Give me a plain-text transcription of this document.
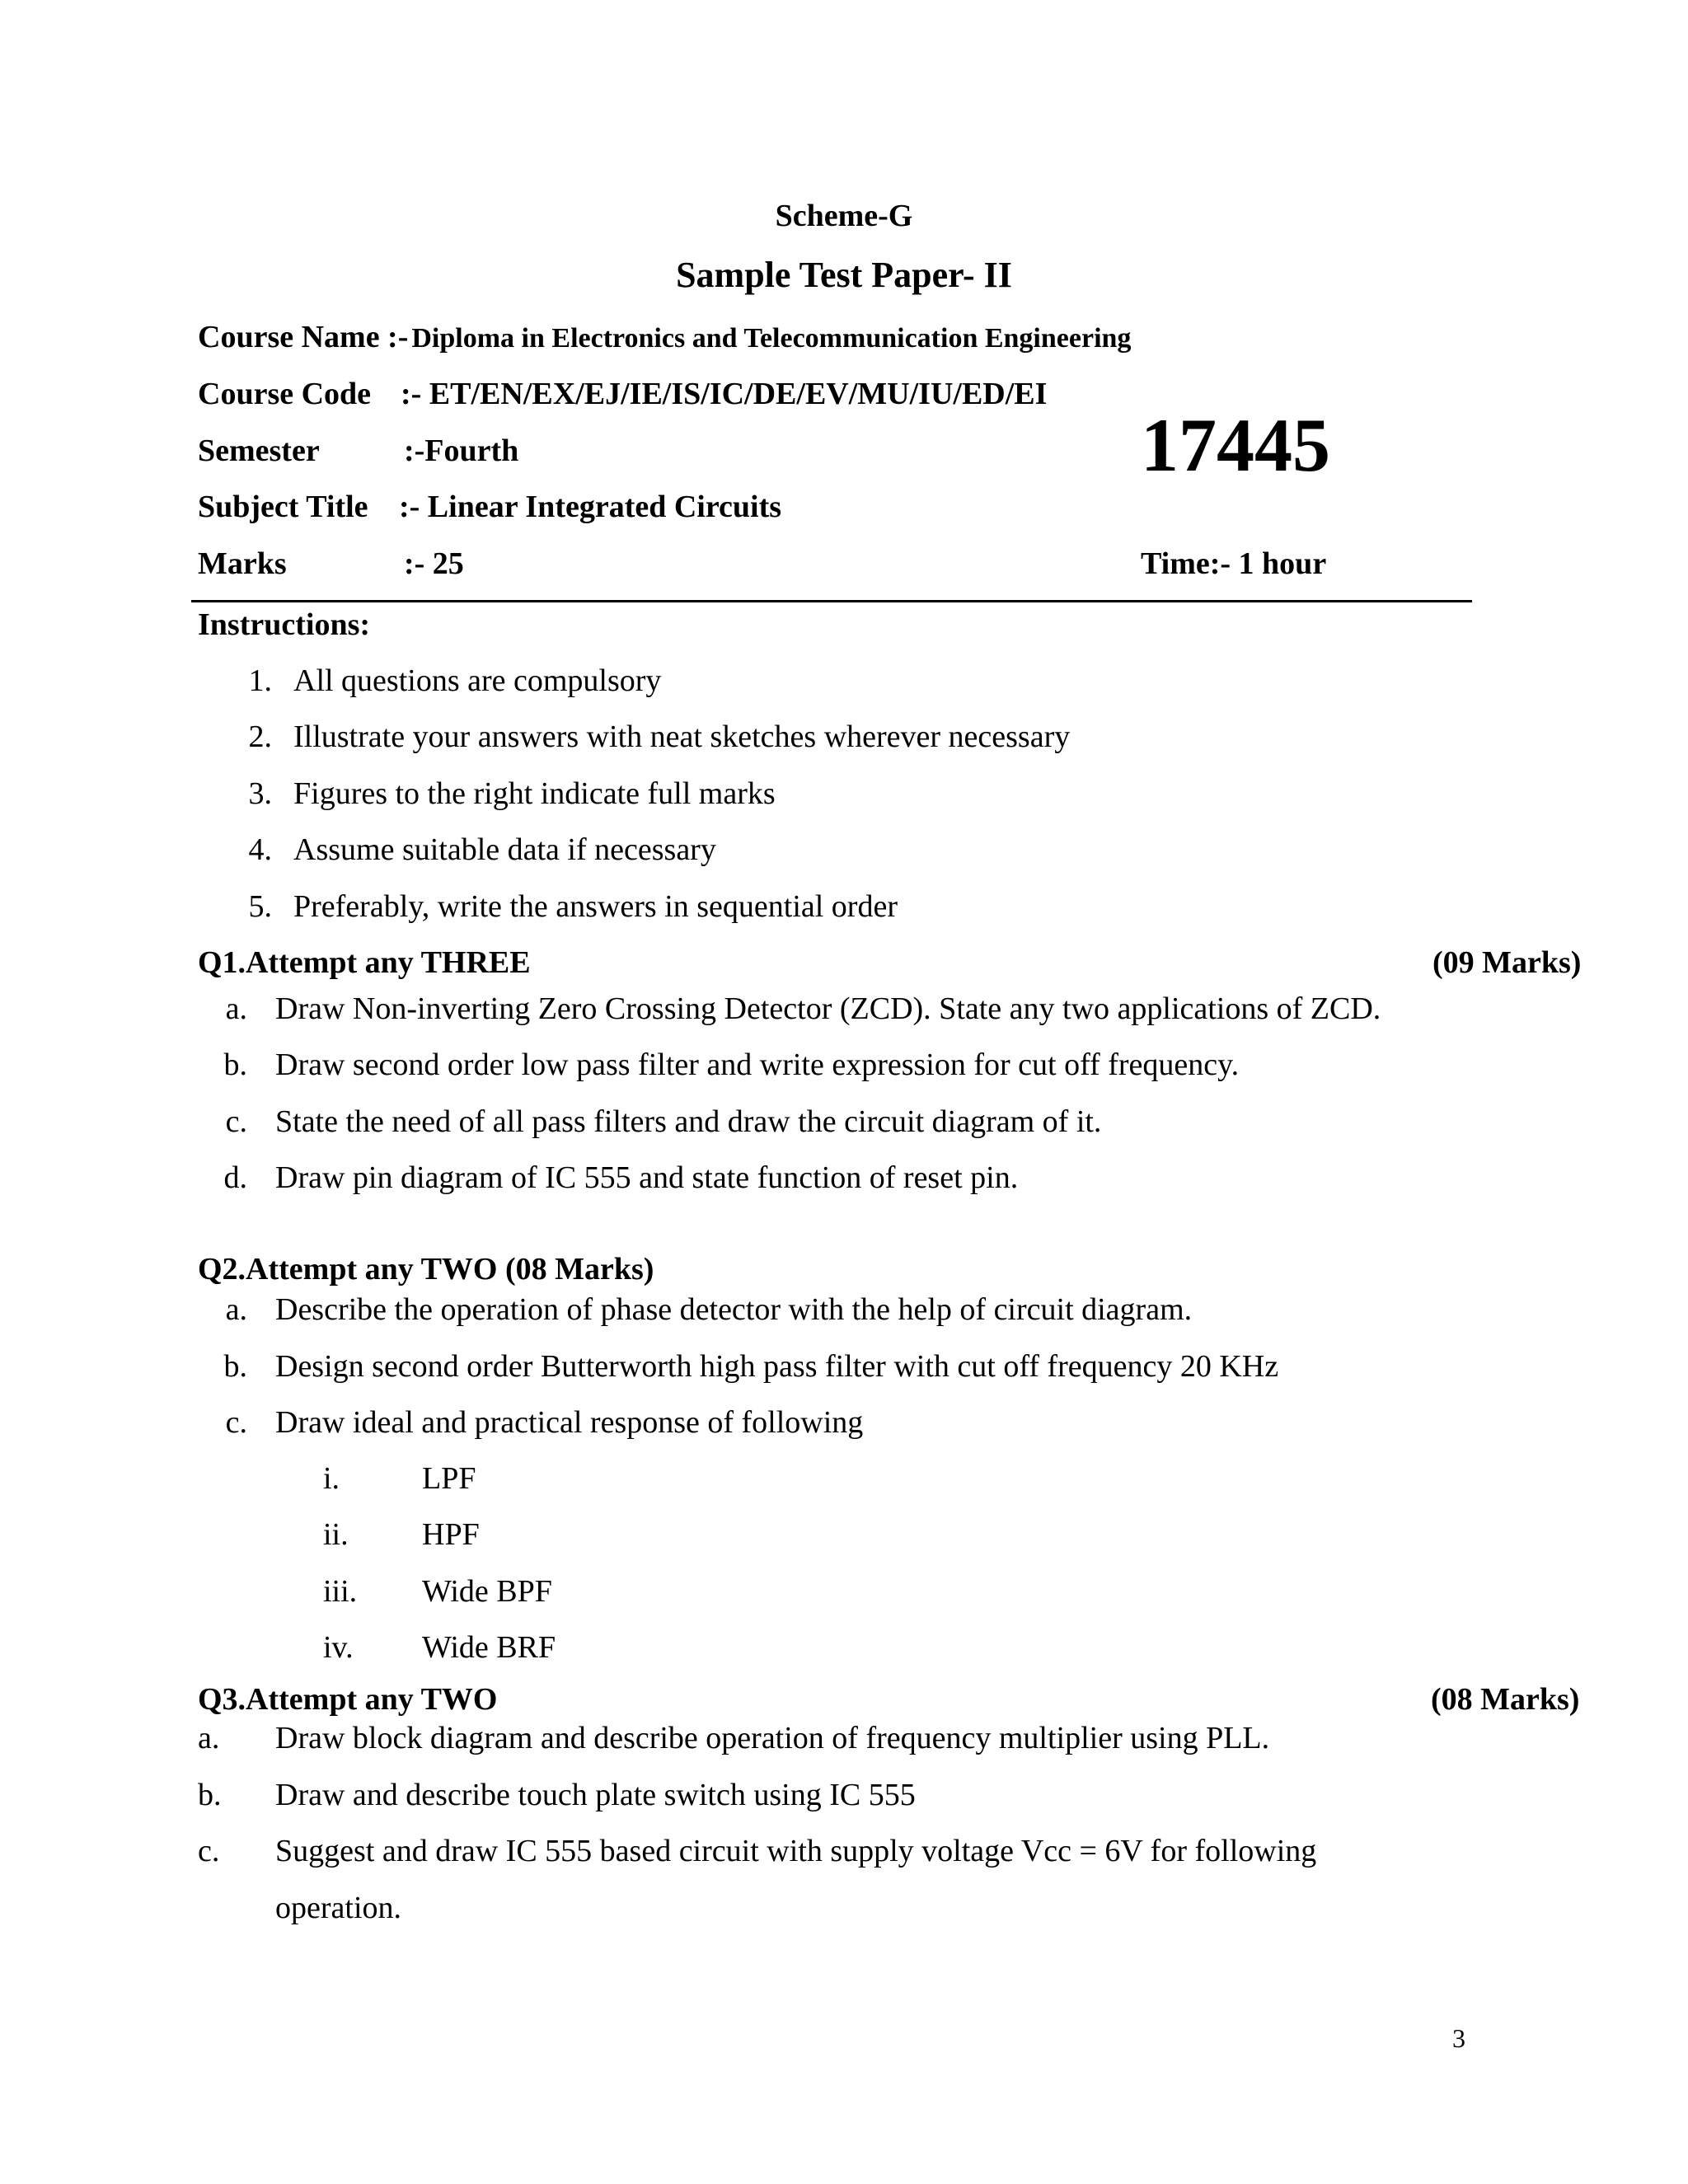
Scheme-G
Sample Test Paper- II
Course Name :- Diploma in Electronics and Telecommunication Engineering
Course Code :- ET/EN/EX/EJ/IE/IS/IC/DE/EV/MU/IU/ED/EI
Semester	:-Fourth	17445
Subject Title :- Linear Integrated Circuits
Marks	:- 25	Time:- 1 hour
Instructions:
1. All questions are compulsory
2. Illustrate your answers with neat sketches wherever necessary
3. Figures to the right indicate full marks
4. Assume suitable data if necessary
5. Preferably, write the answers in sequential order
Q1.Attempt any THREE	(09 Marks)
a. Draw Non-inverting Zero Crossing Detector (ZCD). State any two applications of ZCD.
b. Draw second order low pass filter and write expression for cut off frequency.
c. State the need of all pass filters and draw the circuit diagram of it.
d. Draw pin diagram of IC 555 and state function of reset pin.
Q2.Attempt any TWO (08 Marks)
a. Describe the operation of phase detector with the help of circuit diagram.
b. Design second order Butterworth high pass filter with cut off frequency 20 KHz
c. Draw ideal and practical response of following
i.	LPF
ii. HPF
iii. Wide BPF
iv. Wide BRF
Q3.Attempt any TWO	(08 Marks)
a. Draw block diagram and describe operation of frequency multiplier using PLL.
b. Draw and describe touch plate switch using IC 555
c. Suggest and draw IC 555 based circuit with supply voltage Vcc = 6V for following
operation.
3
